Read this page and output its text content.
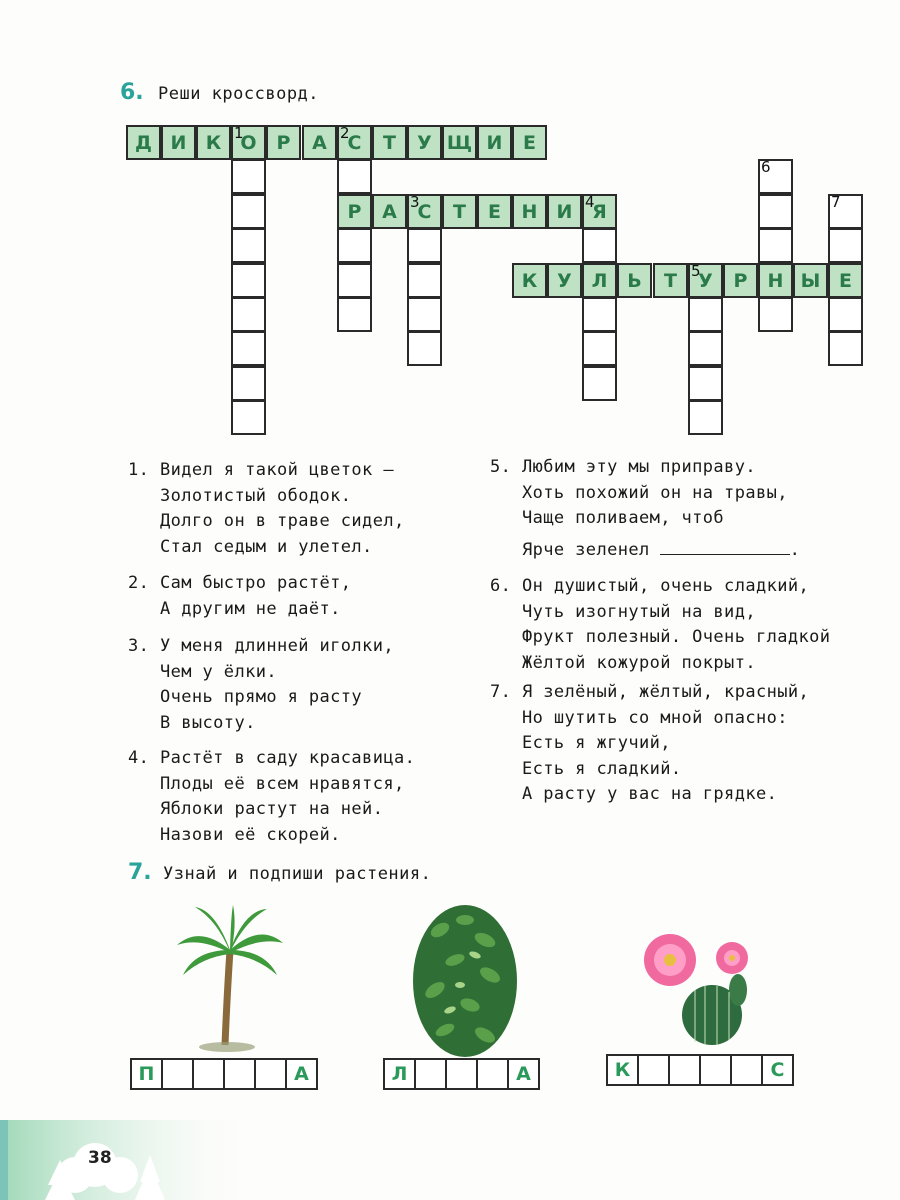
6. Реши кроссворд.
О
1	С
2
Р	С
3	Я
4
Л	У
5
6
Н
7
Е
Д И	К	Р	А	Т	У Щ И	Е
А	Т	Е	Н	И
К	У	Ь	Т	Р	Ы
1. Видел я такой цветок —
Золотистый ободок.
Долго он в траве сидел,
Стал седым и улетел.
2. Сам быстро растёт,
А другим не даёт.
3. У меня длинней иголки,
Чем у ёлки.
Очень прямо я расту
В высоту.
4. Растёт в саду красавица.
Плоды её всем нравятся,
Яблоки растут на ней.
Назови её скорей.
5. Любим эту мы приправу.
Хоть похожий он на травы,
Чаще поливаем, чтоб
Ярче зеленел	.
6. Он душистый, очень сладкий,
Чуть изогнутый на вид,
Фрукт полезный. Очень гладкой
Жёлтой кожурой покрыт.
7. Я зелёный, жёлтый, красный,
Но шутить со мной опасно:
Есть я жгучий,
Есть я сладкий.
А расту у вас на грядке.
7. Узнай и подпиши растения.
П	А	Л	А	К	С
38
